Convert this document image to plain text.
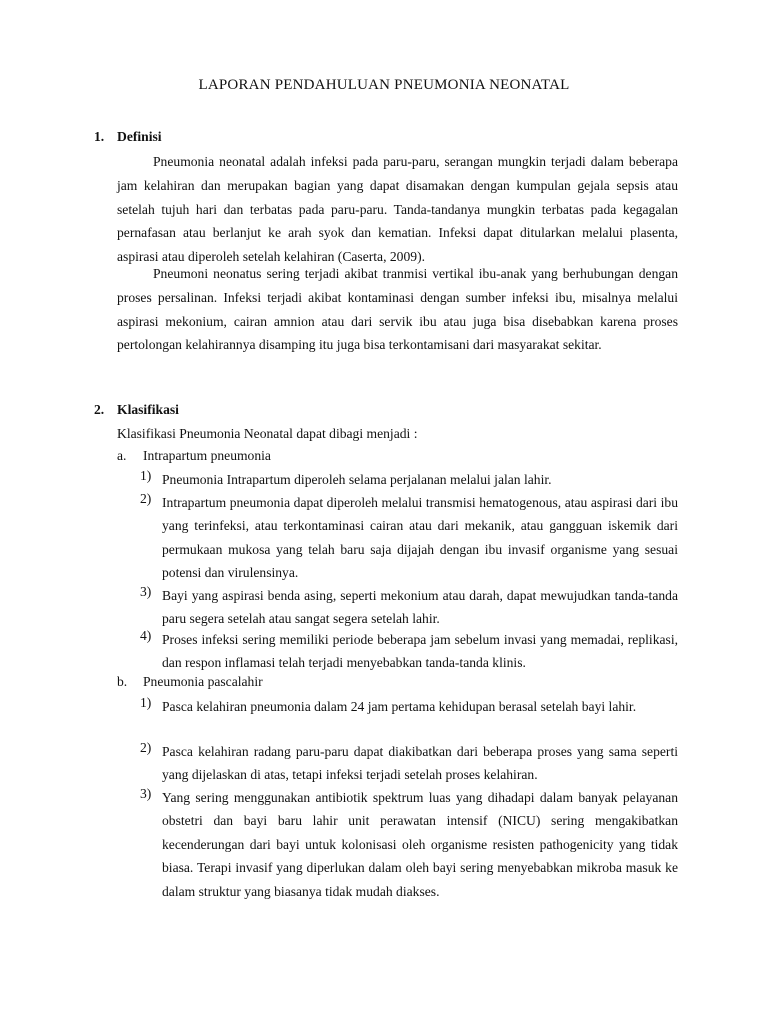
LAPORAN PENDAHULUAN PNEUMONIA NEONATAL
1. Definisi

Pneumonia neonatal adalah infeksi pada paru-paru, serangan mungkin terjadi dalam beberapa jam kelahiran dan merupakan bagian yang dapat disamakan dengan kumpulan gejala sepsis atau setelah tujuh hari dan terbatas pada paru-paru. Tanda-tandanya mungkin terbatas pada kegagalan pernafasan atau berlanjut ke arah syok dan kematian. Infeksi dapat ditularkan melalui plasenta, aspirasi atau diperoleh setelah kelahiran (Caserta, 2009).

Pneumoni neonatus sering terjadi akibat tranmisi vertikal ibu-anak yang berhubungan dengan proses persalinan. Infeksi terjadi akibat kontaminasi dengan sumber infeksi ibu, misalnya melalui aspirasi mekonium, cairan amnion atau dari servik ibu atau juga bisa disebabkan karena proses pertolongan kelahirannya disamping itu juga bisa terkontamisani dari masyarakat sekitar.

2. Klasifikasi
Klasifikasi Pneumonia Neonatal dapat dibagi menjadi :
a. Intrapartum pneumonia
1) Pneumonia Intrapartum diperoleh selama perjalanan melalui jalan lahir.
2) Intrapartum pneumonia dapat diperoleh melalui transmisi hematogenous, atau aspirasi dari ibu yang terinfeksi, atau terkontaminasi cairan atau dari mekanik, atau gangguan iskemik dari permukaan mukosa yang telah baru saja dijajah dengan ibu invasif organisme yang sesuai potensi dan virulensinya.
3) Bayi yang aspirasi benda asing, seperti mekonium atau darah, dapat mewujudkan tanda-tanda paru segera setelah atau sangat segera setelah lahir.
4) Proses infeksi sering memiliki periode beberapa jam sebelum invasi yang memadai, replikasi, dan respon inflamasi telah terjadi menyebabkan tanda-tanda klinis.
b. Pneumonia pascalahir
1) Pasca kelahiran pneumonia dalam 24 jam pertama kehidupan berasal setelah bayi lahir.
2) Pasca kelahiran radang paru-paru dapat diakibatkan dari beberapa proses yang sama seperti yang dijelaskan di atas, tetapi infeksi terjadi setelah proses kelahiran.
3) Yang sering menggunakan antibiotik spektrum luas yang dihadapi dalam banyak pelayanan obstetri dan bayi baru lahir unit perawatan intensif (NICU) sering mengakibatkan kecenderungan dari bayi untuk kolonisasi oleh organisme resisten pathogenicity yang tidak biasa. Terapi invasif yang diperlukan dalam oleh bayi sering menyebabkan mikroba masuk ke dalam struktur yang biasanya tidak mudah diakses.
